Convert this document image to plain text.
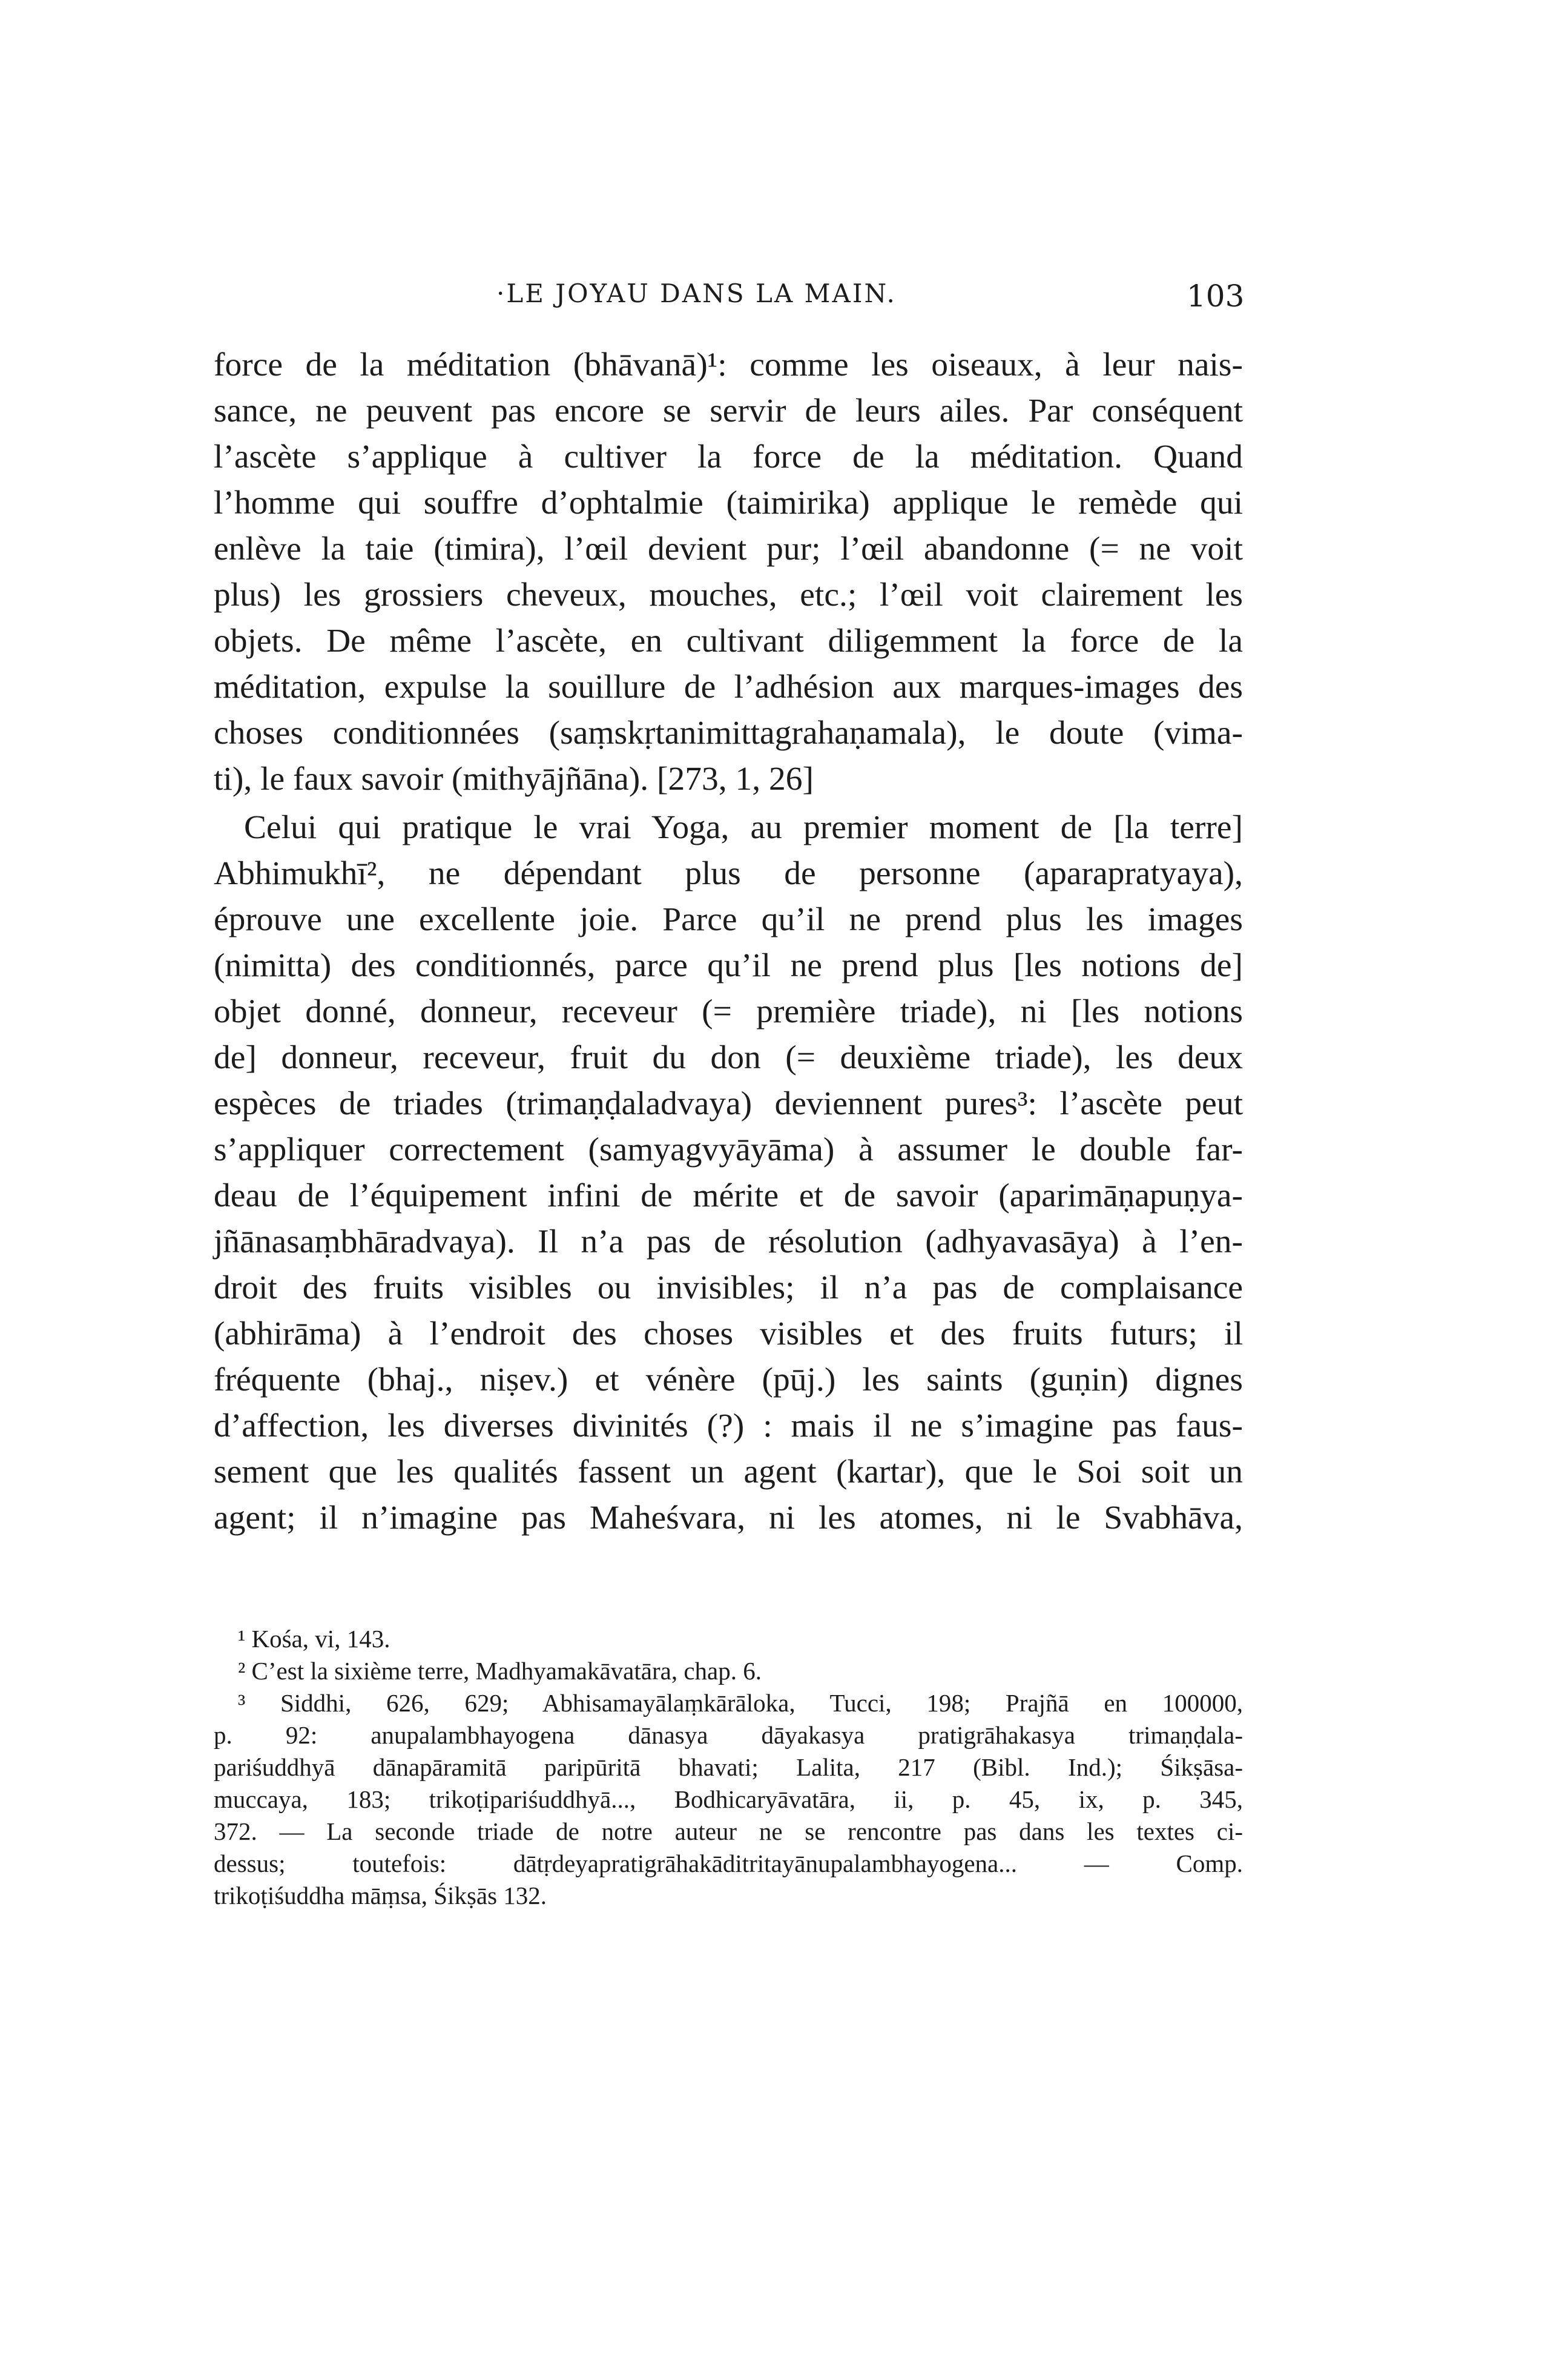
·LE JOYAU DANS LA MAIN.	103
force de la méditation (bhāvanā)¹: comme les oiseaux, à leur nais-
sance, ne peuvent pas encore se servir de leurs ailes. Par conséquent
l’ascète s’applique à cultiver la force de la méditation. Quand
l’homme qui souffre d’ophtalmie (taimirika) applique le remède qui
enlève la taie (timira), l’œil devient pur; l’œil abandonne (= ne voit
plus) les grossiers cheveux, mouches, etc.; l’œil voit clairement les
objets. De même l’ascète, en cultivant diligemment la force de la
méditation, expulse la souillure de l’adhésion aux marques-images des
choses conditionnées (saṃskṛtanimittagrahaṇamala), le doute (vima-
ti), le faux savoir (mithyājñāna). [273, 1, 26]
Celui qui pratique le vrai Yoga, au premier moment de [la terre]
Abhimukhī², ne dépendant plus de personne (aparapratyaya),
éprouve une excellente joie. Parce qu’il ne prend plus les images
(nimitta) des conditionnés, parce qu’il ne prend plus [les notions de]
objet donné, donneur, receveur (= première triade), ni [les notions
de] donneur, receveur, fruit du don (= deuxième triade), les deux
espèces de triades (trimaṇḍaladvaya) deviennent pures³: l’ascète peut
s’appliquer correctement (samyagvyāyāma) à assumer le double far-
deau de l’équipement infini de mérite et de savoir (aparimāṇapuṇya-
jñānasaṃbhāradvaya). Il n’a pas de résolution (adhyavasāya) à l’en-
droit des fruits visibles ou invisibles; il n’a pas de complaisance
(abhirāma) à l’endroit des choses visibles et des fruits futurs; il
fréquente (bhaj., niṣev.) et vénère (pūj.) les saints (guṇin) dignes
d’affection, les diverses divinités (?) : mais il ne s’imagine pas faus-
sement que les qualités fassent un agent (kartar), que le Soi soit un
agent; il n’imagine pas Maheśvara, ni les atomes, ni le Svabhāva,
¹ Kośa, vi, 143.
² C’est la sixième terre, Madhyamakāvatāra, chap. 6.
³ Siddhi, 626, 629; Abhisamayālaṃkārāloka, Tucci, 198; Prajñā en 100000,
p. 92: anupalambhayogena dānasya dāyakasya pratigrāhakasya trimaṇḍala-
pariśuddhyā dānapāramitā paripūritā bhavati; Lalita, 217 (Bibl. Ind.); Śikṣāsa-
muccaya, 183; trikoṭipariśuddhyā..., Bodhicaryāvatāra, ii, p. 45, ix, p. 345,
372. — La seconde triade de notre auteur ne se rencontre pas dans les textes ci-
dessus; toutefois: dātṛdeyapratigrāhakāditritayānupalambhayogena... — Comp.
trikoṭiśuddha māṃsa, Śikṣās 132.
